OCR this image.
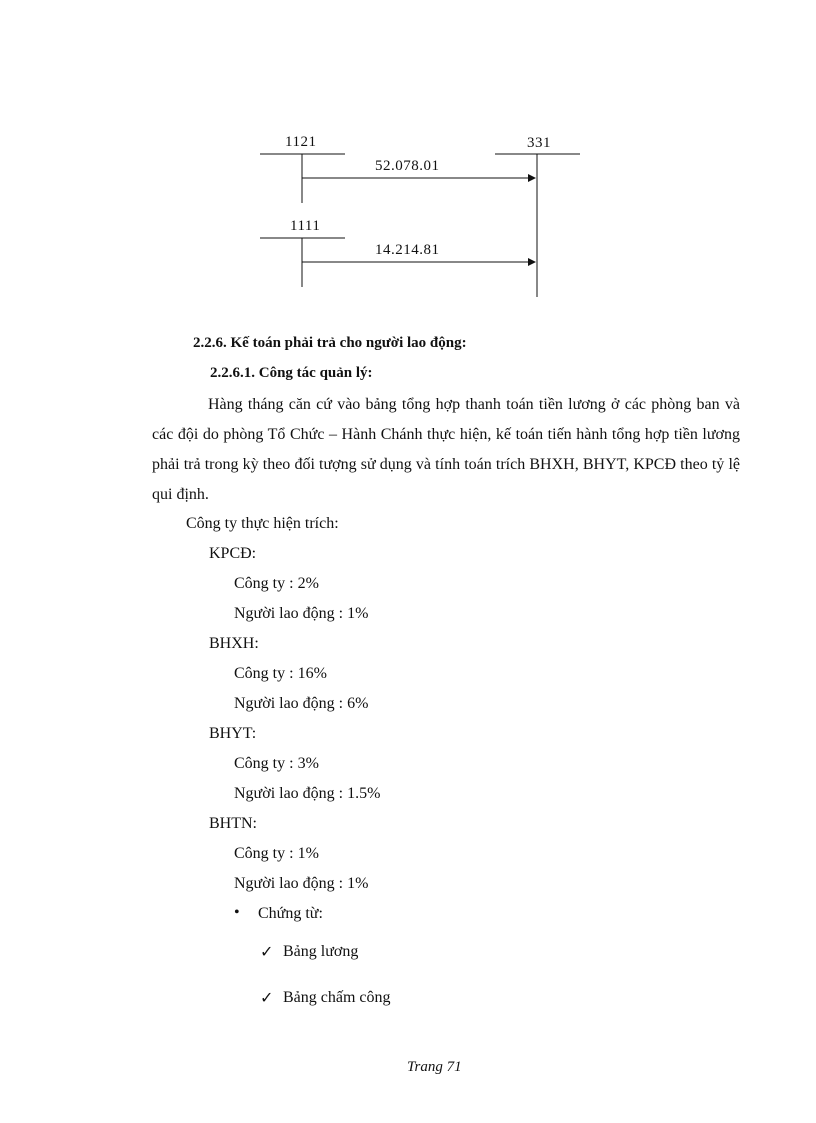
1121	331
52.078.01
1111
14.214.81
2.2.6. Kế toán phải trả cho người lao động:
2.2.6.1. Công tác quản lý:
Hàng tháng căn cứ vào bảng tổng hợp thanh toán tiền lương ở các phòng ban và các đội do phòng Tổ Chức – Hành Chánh thực hiện, kế toán tiến hành tổng hợp tiền lương phải trả trong kỳ theo đối tượng sử dụng và tính toán trích BHXH, BHYT, KPCĐ theo tỷ lệ qui định.
Công ty thực hiện trích:
KPCĐ:
Công ty : 2%
Người lao động : 1%
BHXH:
Công ty : 16%
Người lao động : 6%
BHYT:
Công ty : 3%
Người lao động : 1.5%
BHTN:
Công ty : 1%
Người lao động : 1%
• Chứng từ:
✓ Bảng lương
✓ Bảng chấm công
Trang 71
